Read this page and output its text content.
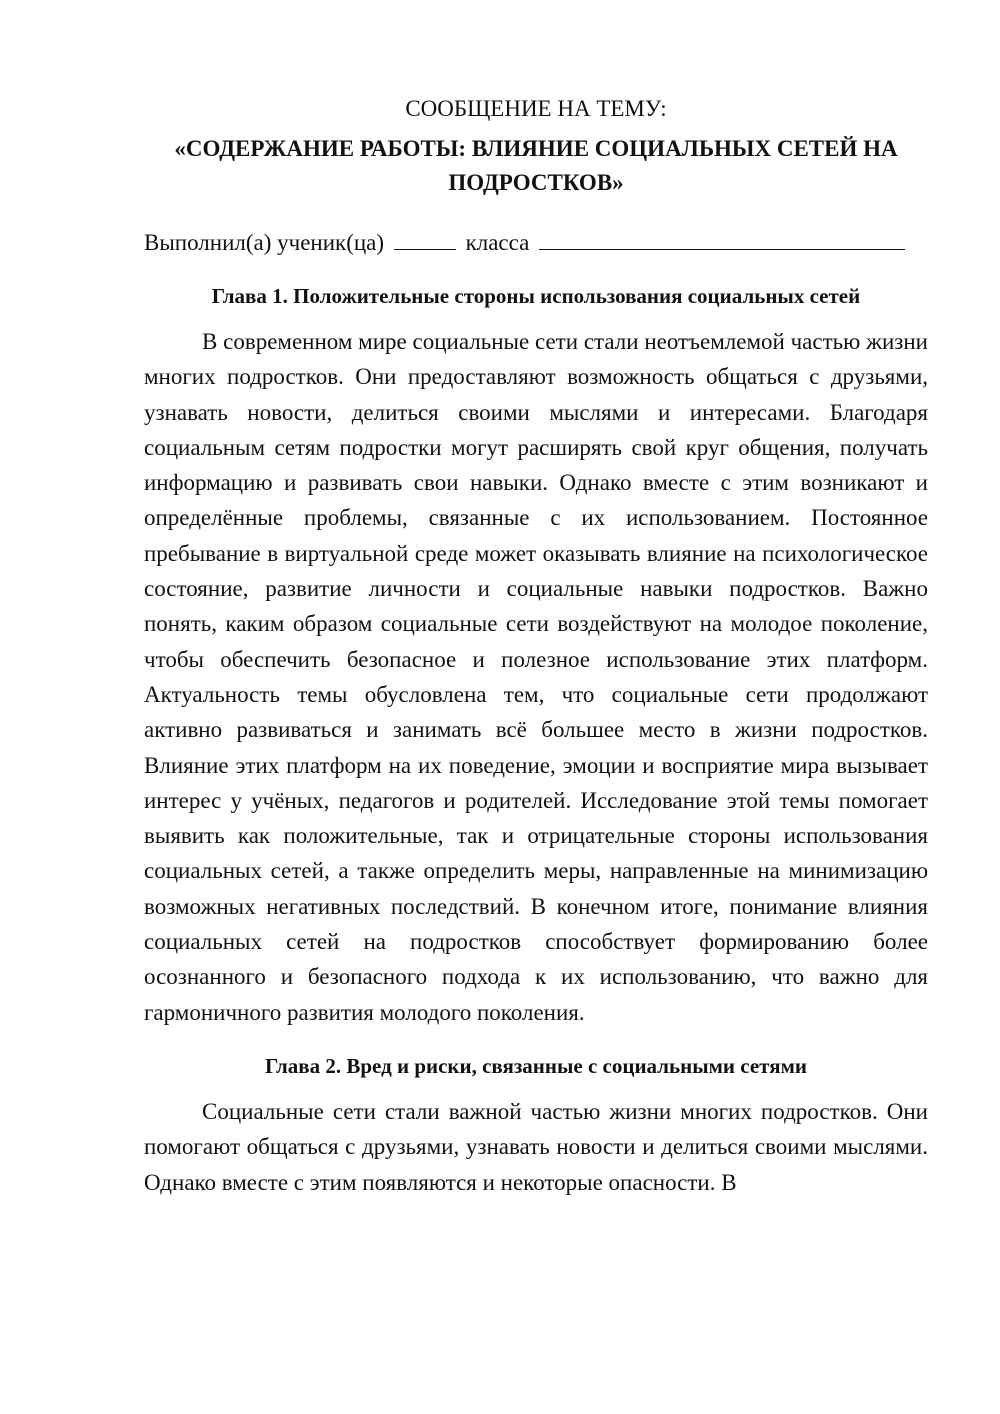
СООБЩЕНИЕ НА ТЕМУ:

«СОДЕРЖАНИЕ РАБОТЫ: ВЛИЯНИЕ СОЦИАЛЬНЫХ СЕТЕЙ НА ПОДРОСТКОВ»

Выполнил(а) ученик(ца)	класса

Глава 1. Положительные стороны использования социальных сетей

В современном мире социальные сети стали неотъемлемой частью жизни многих подростков. Они предоставляют возможность общаться с друзьями, узнавать новости, делиться своими мыслями и интересами. Благодаря социальным сетям подростки могут расширять свой круг общения, получать информацию и развивать свои навыки. Однако вместе с этим возникают и определённые проблемы, связанные с их использованием. Постоянное пребывание в виртуальной среде может оказывать влияние на психологическое состояние, развитие личности и социальные навыки подростков. Важно понять, каким образом социальные сети воздействуют на молодое поколение, чтобы обеспечить безопасное и полезное использование этих платформ. Актуальность темы обусловлена тем, что социальные сети продолжают активно развиваться и занимать всё большее место в жизни подростков. Влияние этих платформ на их поведение, эмоции и восприятие мира вызывает интерес у учёных, педагогов и родителей. Исследование этой темы помогает выявить как положительные, так и отрицательные стороны использования социальных сетей, а также определить меры, направленные на минимизацию возможных негативных последствий. В конечном итоге, понимание влияния социальных сетей на подростков способствует формированию более осознанного и безопасного подхода к их использованию, что важно для гармоничного развития молодого поколения.

Глава 2. Вред и риски, связанные с социальными сетями

Социальные сети стали важной частью жизни многих подростков. Они помогают общаться с друзьями, узнавать новости и делиться своими мыслями. Однако вместе с этим появляются и некоторые опасности. В
